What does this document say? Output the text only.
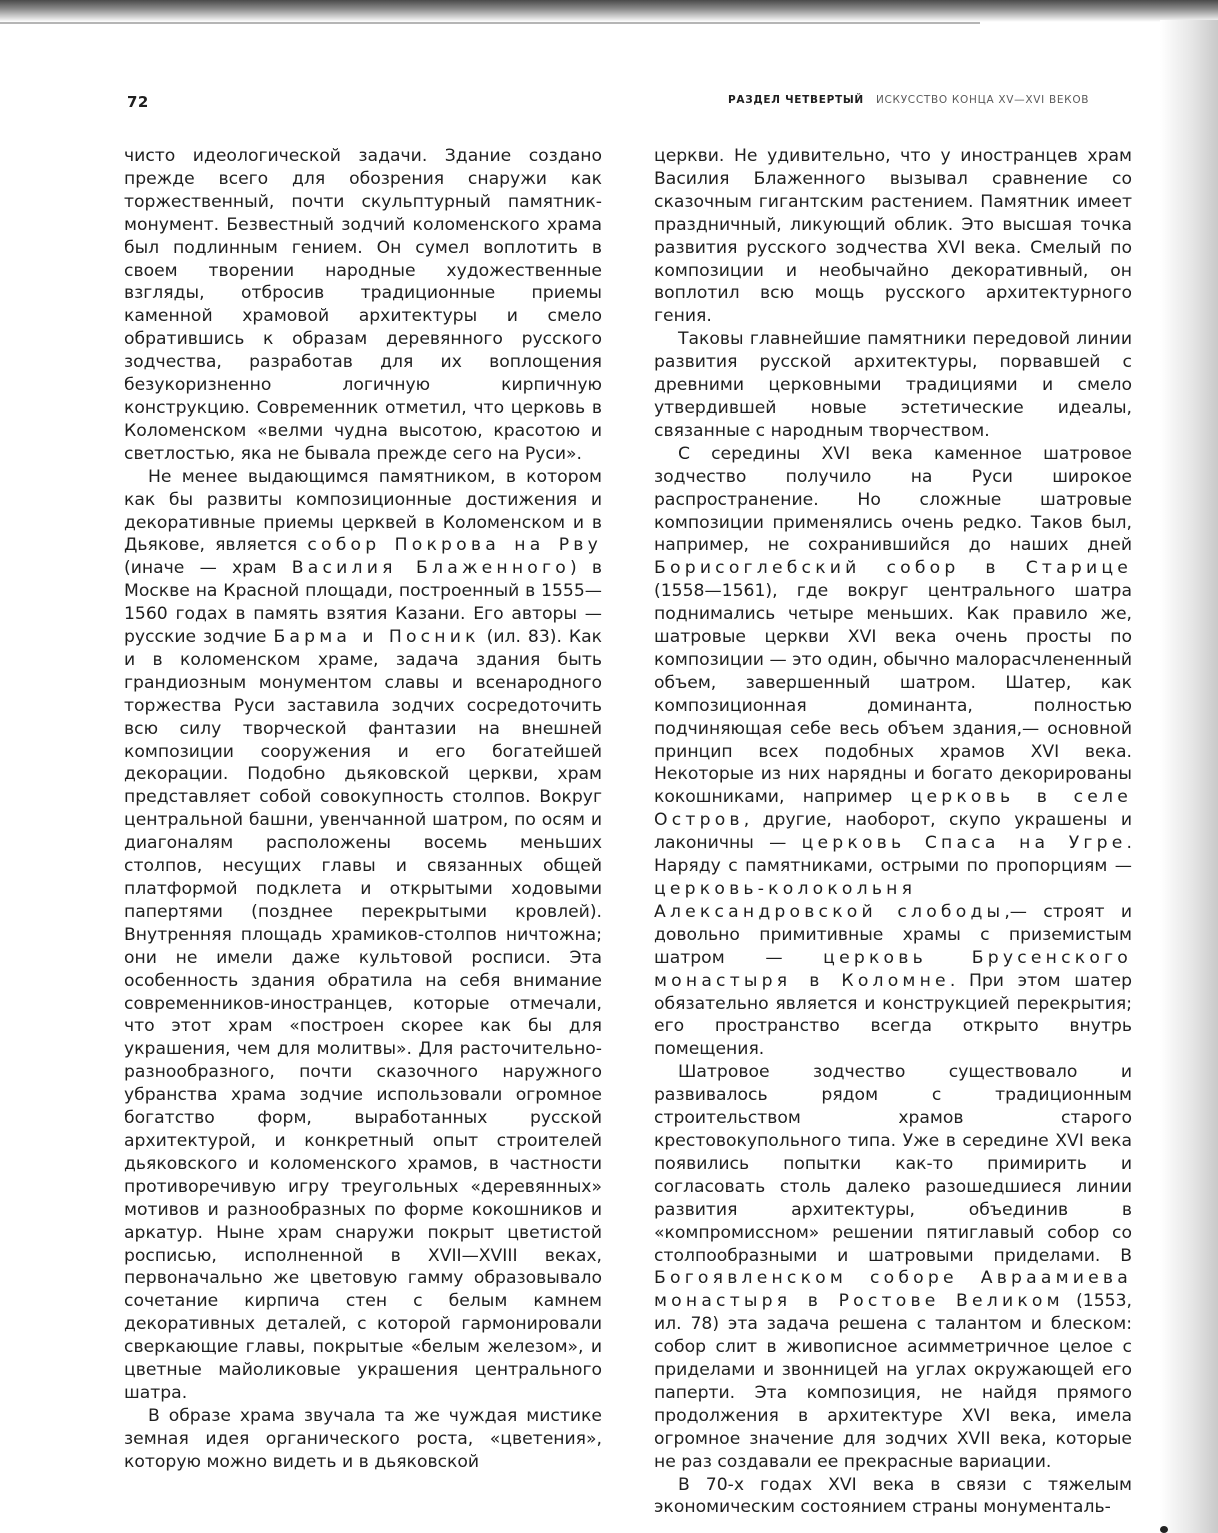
72	РАЗДЕЛ ЧЕТВЕРТЫЙ ИСКУССТВО КОНЦА XV—XVI ВЕКОВ

чисто идеологической задачи. Здание создано прежде всего для обозрения снаружи как торжественный, почти скульптурный памятник-монумент. Безвестный зодчий коломенского храма был подлинным гением. Он сумел воплотить в своем творении народные художественные взгляды, отбросив традиционные приемы каменной храмовой архитектуры и смело обратившись к образам деревянного русского зодчества, разработав для их воплощения безукоризненно логичную кирпичную конструкцию. Современник отметил, что церковь в Коломенском «велми чудна высотою, красотою и светлостью, яка не бывала прежде сего на Руси».

Не менее выдающимся памятником, в котором как бы развиты композиционные достижения и декоративные приемы церквей в Коломенском и в Дьякове, является собор Покрова на Рву (иначе — храм Василия Блаженного) в Москве на Красной площади, построенный в 1555—1560 годах в память взятия Казани. Его авторы — русские зодчие Барма и Посник (ил. 83). Как и в коломенском храме, задача здания быть грандиозным монументом славы и всенародного торжества Руси заставила зодчих сосредоточить всю силу творческой фантазии на внешней композиции сооружения и его богатейшей декорации. Подобно дьяковской церкви, храм представляет собой совокупность столпов. Вокруг центральной башни, увенчанной шатром, по осям и диагоналям расположены восемь меньших столпов, несущих главы и связанных общей платформой подклета и открытыми ходовыми папертями (позднее перекрытыми кровлей). Внутренняя площадь храмиков-столпов ничтожна; они не имели даже культовой росписи. Эта особенность здания обратила на себя внимание современников-иностранцев, которые отмечали, что этот храм «построен скорее как бы для украшения, чем для молитвы». Для расточительно-разнообразного, почти сказочного наружного убранства храма зодчие использовали огромное богатство форм, выработанных русской архитектурой, и конкретный опыт строителей дьяковского и коломенского храмов, в частности противоречивую игру треугольных «деревянных» мотивов и разнообразных по форме кокошников и аркатур. Ныне храм снаружи покрыт цветистой росписью, исполненной в XVII—XVIII веках, первоначально же цветовую гамму образовывало сочетание кирпича стен с белым камнем декоративных деталей, с которой гармонировали сверкающие главы, покрытые «белым железом», и цветные майоликовые украшения центрального шатра.

В образе храма звучала та же чуждая мистике земная идея органического роста, «цветения», которую можно видеть и в дьяковской

церкви. Не удивительно, что у иностранцев храм Василия Блаженного вызывал сравнение со сказочным гигантским растением. Памятник имеет праздничный, ликующий облик. Это высшая точка развития русского зодчества XVI века. Смелый по композиции и необычайно декоративный, он воплотил всю мощь русского архитектурного гения.

Таковы главнейшие памятники передовой линии развития русской архитектуры, порвавшей с древними церковными традициями и смело утвердившей новые эстетические идеалы, связанные с народным творчеством.

С середины XVI века каменное шатровое зодчество получило на Руси широкое распространение. Но сложные шатровые композиции применялись очень редко. Таков был, например, не сохранившийся до наших дней Борисоглебский собор в Старице (1558—1561), где вокруг центрального шатра поднимались четыре меньших. Как правило же, шатровые церкви XVI века очень просты по композиции — это один, обычно малорасчлененный объем, завершенный шатром. Шатер, как композиционная доминанта, полностью подчиняющая себе весь объем здания,— основной принцип всех подобных храмов XVI века. Некоторые из них нарядны и богато декорированы кокошниками, например церковь в селе Остров, другие, наоборот, скупо украшены и лаконичны — церковь Спаса на Угре. Наряду с памятниками, острыми по пропорциям — церковь-колокольня Александровской слободы,— строят и довольно примитивные храмы с приземистым шатром — церковь Брусенского монастыря в Коломне. При этом шатер обязательно является и конструкцией перекрытия; его пространство всегда открыто внутрь помещения.

Шатровое зодчество существовало и развивалось рядом с традиционным строительством храмов старого крестовокупольного типа. Уже в середине XVI века появились попытки как-то примирить и согласовать столь далеко разошедшиеся линии развития архитектуры, объединив в «компромиссном» решении пятиглавый собор со столпообразными и шатровыми приделами. В Богоявленском соборе Авраамиева монастыря в Ростове Великом (1553, ил. 78) эта задача решена с талантом и блеском: собор слит в живописное асимметричное целое с приделами и звонницей на углах окружающей его паперти. Эта композиция, не найдя прямого продолжения в архитектуре XVI века, имела огромное значение для зодчих XVII века, которые не раз создавали ее прекрасные вариации.

В 70-х годах XVI века в связи с тяжелым экономическим состоянием страны монументаль-
